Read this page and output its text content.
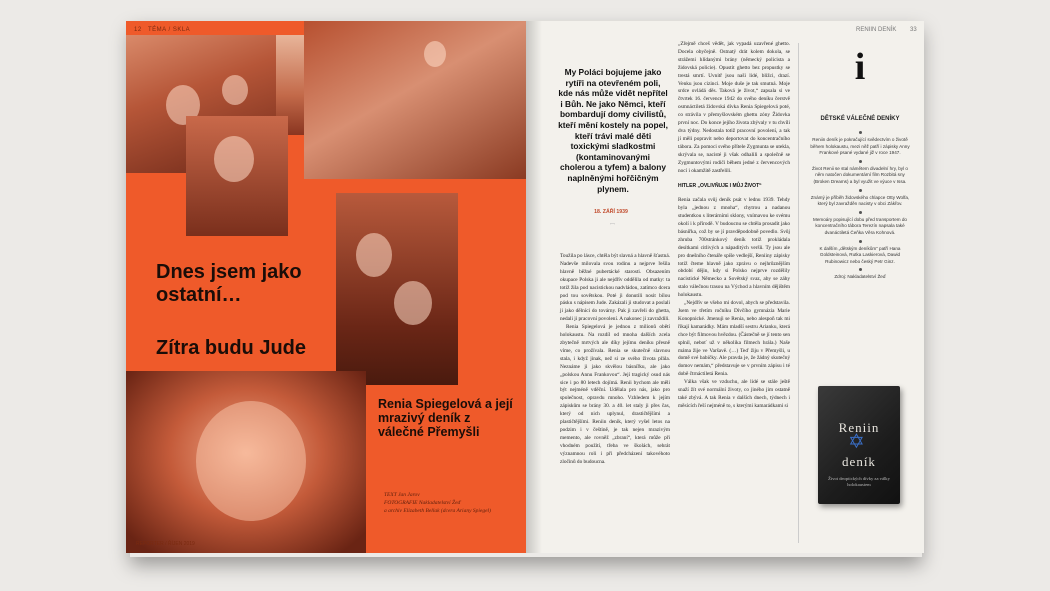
12 TÉMA / SKLA
Dnes jsem jako ostatní…
Zítra budu Jude
Renia Spiegelová a její mrazivý deník z válečné Přemyšli
TEXT Jan Jarov
FOTOGRAFIE Nakladatelství Žeď
a archiv Elizabeth Bellak (dcera Ariany Spiegel)
REPORTER / ŘÍJEN 2019
RENIIN DENÍK 33
My Poláci bojujeme jako rytíři na otevřeném poli, kde nás může vidět nepřítel i Bůh. Ne jako Němci, kteří bombardují domy civilistů, kteří mění kostely na popel, kteří trávi malé děti toxickými sladkostmi (kontaminovanými cholerou a tyfem) a balony naplněnými hořčičným plynem.
18. ZÁŘÍ 1939
ꟷ

Toužila po lásce, chtěla být slavná a hlavně šťastná. Nadevše milovala svou rodinu a nejprve řešila hlavně běžné pubertácké starosti. Obsazením okupace Polska ji ale nejdřív oddělila od matky: ta totiž žila pod nacistickou nadvládou, zatímco dcera pod tou sovětskou. Poté ji donutili nosit bílou pásku s nápisem Jude. Zakázali ji studovat a poslali ji jako dělníci do továrny. Pak ji zavřeli do ghetta, nedali ji pracovní povolení. A nakonec ji zavraždili.

Renia Spiegelová je jednou z milionů obětí holokaustu. Na rozdíl od mnoha dalších zcela zbytečně mrtvých ale díky jejímu deníku přesně víme, co prožívala. Renia se skutečně slavnou stala, i když jinak, než si ze svého života přála. Neznáme ji jako skvělou básnířku, ale jako „polskou Annu Frankovou“. Její tragický osud nás sice i po 80 letech dojímá. Renii bychom ale měli být nejméně vděční. Udělala pro nás, jako pro společnost, opravdu mnoho. Vzhledem k jejím zápiskům se brány 30. a 40. let staly ji přes čas, který od nich uplynul, drastičtějšími a plastičtějšími. Reniin deník, který vyšel letos na podzim i v češtině, je tak nejen mrazivým memento, ale rovněž „zbraní“, která může při vhodném použití, třeba ve školách, sehrát významnou roli i při předcházení takovéhoto zločinů do budoucna.

„Zřejmě chceš vědět, jak vypadá uzavřené ghetto. Docela obyčejně. Ostnatý drát kolem dokola, se strážemi hlídanými brány (německý policista a židovská policie). Opustit ghetto bez propustky se trestá smrtí. Uvnitř jsou naši lidé, bližci, drazí. Venku jsou cizinci. Moje duše je tak smutná. Moje srdce ovládá děs. Taková je život,“ zapsala si ve čtvrtek 16. července 1942 do svého deníku čerstvě osmnáctiletá židovská dívka Renia Spiegelová poté, co strávila v přemyšlovském ghettu zóny Židovka první noc. Do konce jejího života zbývaly v tu chvíli dva týdny. Nedostala totiž pracovní povolení, a tak jí měli popravit nebo deportovat do koncentračního tábora. Za pomoci svého přítele Zygmunta se utekla, skrývala se, nacisté ji však odhalili a společně se Zygmuntovými rodiči během jedné z červencových nocí i okamžitě zastřelili.

HITLER „OVLIVŇUJE I MŮJ ŽIVOT“

Renia začala svůj deník psát v lednu 1939. Tehdy byla „jednou z mnoha“, chytrou a nadanou studentkou s literárními sklony, vnímavou ke svému okolí i k přírodě. V budoucnu se chtěla prosadit jako básnířka, což by se jí pravděpodobně povedlo. Svůj zhruba 700stránkový deník totiž prokládala desítkami citlivých a nápaditých veršů. Ty jsou ale pro dnešního čtenáře spíše vedlejší, Reniiny zápisky totiž čteme hlavně jako zprávu o nejhrůznějším období dějin, kdy si Polsko nejprve rozdělily nacistické Německo a Sovětský svaz, aby se záhy stalo válečnou trasou na Východ a hlavním dějištěm holokaustu.

„Nejdřív se všeho mi dovol, abych se představila. Jsem ve třetím ročníku Dívčího gymnázia Marie Konopnické. Jmenuji se Renia, nebo alespoň tak mi říkají kamarádky. Mám mladší sestru Arianku, která chce být filmovou hvězdou. (Částečně se jí tento sen splnil, neboť už v několika filmech hrála.) Naše máma žije ve Varšavě. (…) Teď žiju v Přemyšli, u domě své babičky. Ale pravda je, že žádný skutečný domov nemám,“ představuje se v prvním zápisu i té době čtrnáctiletá Renia.

Válka však ve vzduchu, ale lidé se stále ještě snaží žít své normální životy, co jiného jim ostatně také zbývá. A tak Renia v dalších dnech, týdnech i měsících řeší nejméně to, s kterými kamarádkami si

i
DĚTSKÉ VÁLEČNÉ DENÍKY
Reniin deník je pokračující svědectvím o životě během holokaustu, mezi něž patří i zápisky Anny Frankové psané vydané již v roce 1947.
Život Renii se stal námětem divadelní hry, byl o něm natočen dokumentární film Rozbitá sny (Broken Dreams) a byl využit ve výuce v Issa.
Známý je příběh židovského chlapce Otty Wolfa, který byl zavražděn nacisty v obci Zákřov.
Memoáry popisující dobu před transportem do koncentračního tábora Terezín napsala také dvanáctiletá Čeňka Věra Kohnová.
K dalším „dětským deníkům“ patří Hana Goldsteinová, Rutka Laskierová, Dawid Rubinowicz nebo český Petr Ginz.
Zdroj: Nakladatelství Žeď
Reniin
✡
deník
Život deoptických dívky za války holokaustem
